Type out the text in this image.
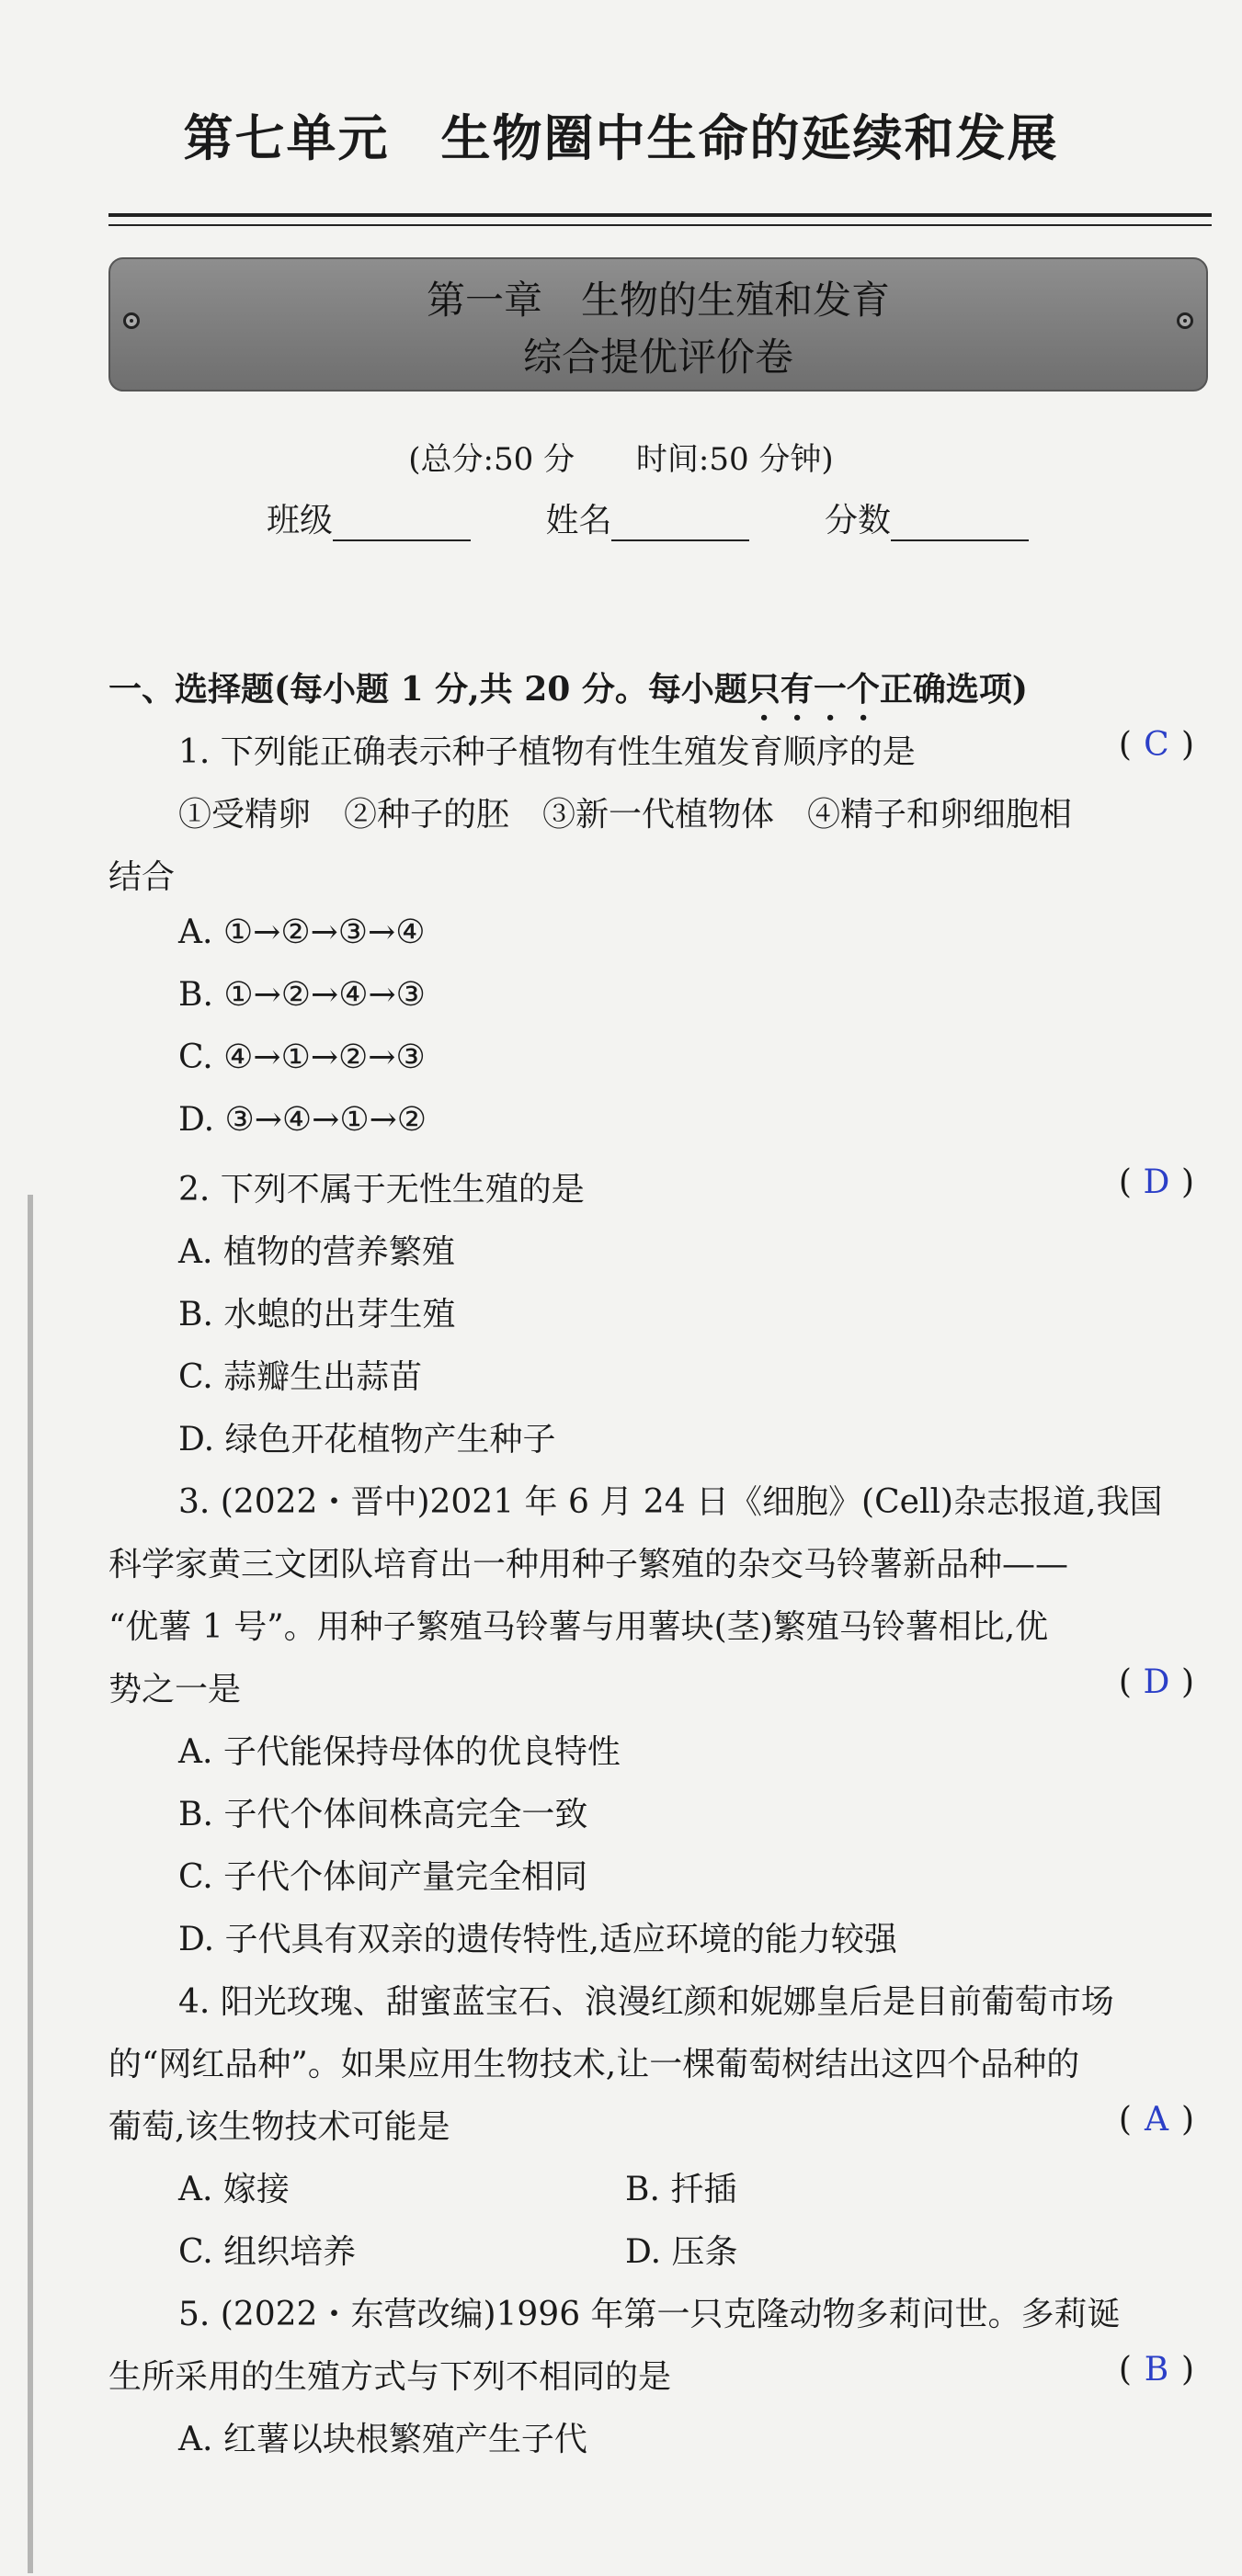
第七单元　生物圈中生命的延续和发展
第一章　生物的生殖和发育
综合提优评价卷
(总分:50 分 时间:50 分钟)
班级	姓名	分数
一、选择题(每小题 1 分,共 20 分。每小题只有一个正确选项)
1. 下列能正确表示种子植物有性生殖发育顺序的是	( C )
①受精卵　②种子的胚　③新一代植物体　④精子和卵细胞相
结合
A. ①→②→③→④
B. ①→②→④→③
C. ④→①→②→③
D. ③→④→①→②
2. 下列不属于无性生殖的是	( D )
A. 植物的营养繁殖
B. 水螅的出芽生殖
C. 蒜瓣生出蒜苗
D. 绿色开花植物产生种子
3. (2022・晋中)2021 年 6 月 24 日《细胞》(Cell)杂志报道,我国
科学家黄三文团队培育出一种用种子繁殖的杂交马铃薯新品种——
“优薯 1 号”。用种子繁殖马铃薯与用薯块(茎)繁殖马铃薯相比,优
势之一是	( D )
A. 子代能保持母体的优良特性
B. 子代个体间株高完全一致
C. 子代个体间产量完全相同
D. 子代具有双亲的遗传特性,适应环境的能力较强
4. 阳光玫瑰、甜蜜蓝宝石、浪漫红颜和妮娜皇后是目前葡萄市场
的“网红品种”。如果应用生物技术,让一棵葡萄树结出这四个品种的
葡萄,该生物技术可能是	( A )
A. 嫁接	B. 扦插
C. 组织培养	D. 压条
5. (2022・东营改编)1996 年第一只克隆动物多莉问世。多莉诞
生所采用的生殖方式与下列不相同的是	( B )
A. 红薯以块根繁殖产生子代
